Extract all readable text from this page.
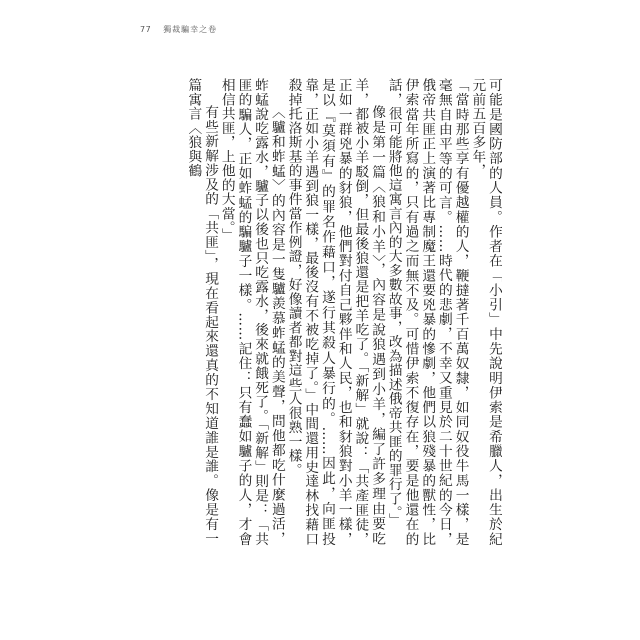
77 獨裁騙幸之卷

可能是國防部的人員。作者在「小引」中先說明伊索是希臘人，出生於紀元前五百多年，

「當時那些享有優越權的人，鞭撻著千百萬奴隸，如同奴役牛馬一樣，是毫無自由平等的可言。……時代的悲劇，不幸又重見於二十世紀的今日，俄帝共匪正上演著比專制魔王還要兇暴的慘劇，他們以狼殘暴的獸性，比伊索當年所寫的，只有過之而無不及。可惜伊索不復存在，要是他還在的話，很可能將他這寓言內的大多數故事，改為描述俄帝共匪的罪行了。」

像是第一篇〈狼和小羊〉，內容是說狼遇到小羊，編了許多理由要吃羊，都被小羊駁倒，但最後狼還是把羊吃了。「新解」就說：「共產匪徒，正如一群兇暴的豺狼，他們對付自己夥伴和人民，也和豺狼對小羊一樣，是以『莫須有』的罪名作藉口，遂行其殺人暴行的。……因此，向匪投靠，正如小羊遇到狼一樣，最後沒有不被吃掉了。」中間還用史達林找藉口殺掉托洛斯基的事件當作例證，好像讀者都對這些人很熟一樣。

〈驢和蚱蜢〉的內容是一隻驢羨慕蚱蜢的美聲，問他都吃什麼過活，蚱蜢說吃露水，驢子以後也只吃露水，後來就餓死了。「新解」則是：「共匪的騙人，正如蚱蜢的騙驢子一樣。……記住：只有蠢如驢子的人，才會相信共匪，上他的大當。」

有些新解涉及的「共匪」，現在看起來還真的不知道誰是誰。像是有一篇寓言〈狼與鶴
